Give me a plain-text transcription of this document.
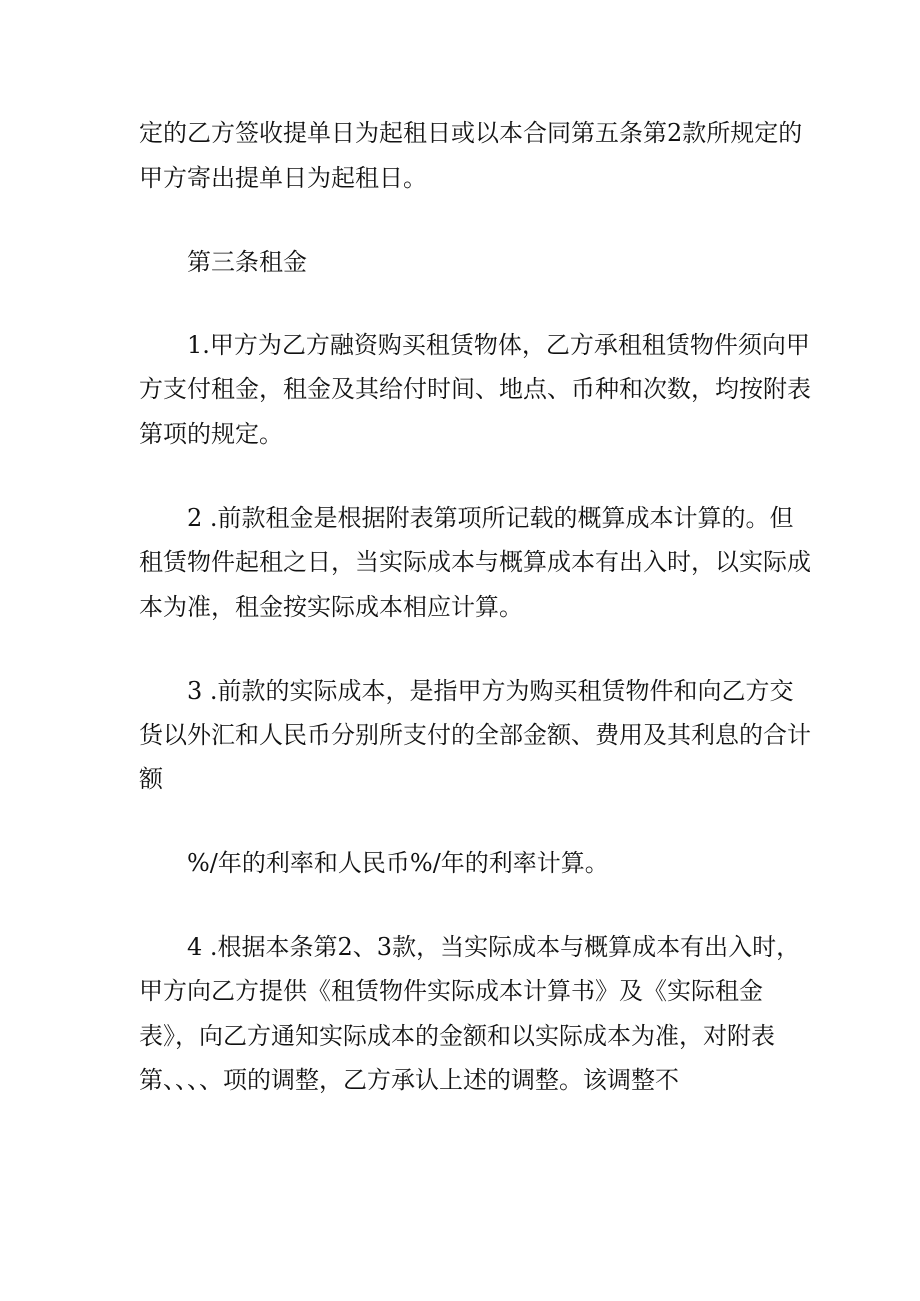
定的乙方签收提单日为起租日或以本合同第五条第2款所规定的
甲方寄出提单日为起租日。
第三条租金
1.甲方为乙方融资购买租赁物体，乙方承租租赁物件须向甲
方支付租金，租金及其给付时间、地点、币种和次数，均按附表
第项的规定。
2 .前款租金是根据附表第项所记载的概算成本计算的。但
租赁物件起租之日，当实际成本与概算成本有出入时，以实际成
本为准，租金按实际成本相应计算。
3 .前款的实际成本，是指甲方为购买租赁物件和向乙方交
货以外汇和人民币分别所支付的全部金额、费用及其利息的合计
额
%/年的利率和人民币%/年的利率计算。
4 .根据本条第2、3款，当实际成本与概算成本有出入时，
甲方向乙方提供《租赁物件实际成本计算书》及《实际租金
表》，向乙方通知实际成本的金额和以实际成本为准，对附表
第、、、、项的调整，乙方承认上述的调整。该调整不
